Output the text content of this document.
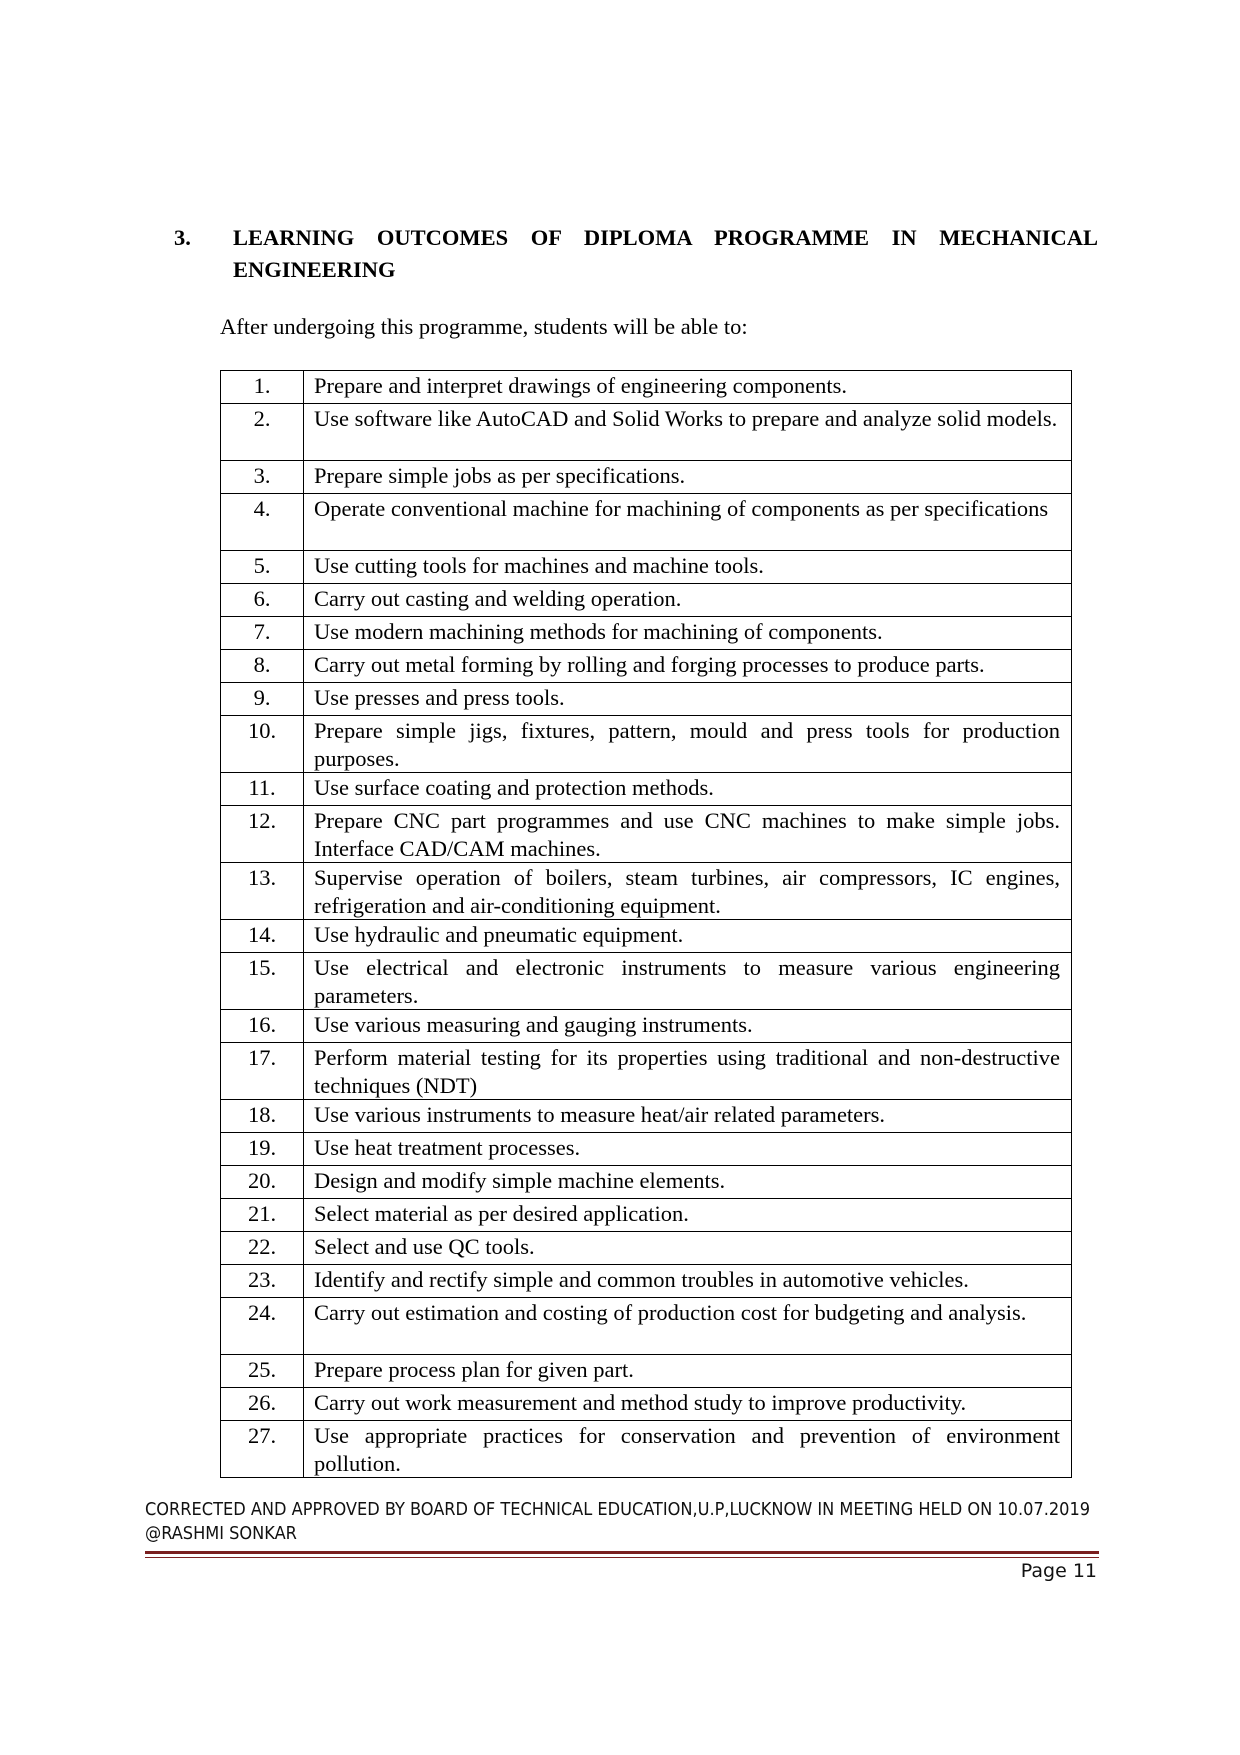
3. LEARNING OUTCOMES OF DIPLOMA PROGRAMME IN MECHANICAL ENGINEERING
After undergoing this programme, students will be able to:
1.	Prepare and interpret drawings of engineering components.
2.	Use software like AutoCAD and Solid Works to prepare and analyze solid models.
3.	Prepare simple jobs as per specifications.
4.	Operate conventional machine for machining of components as per specifications
5.	Use cutting tools for machines and machine tools.
6.	Carry out casting and welding operation.
7.	Use modern machining methods for machining of components.
8.	Carry out metal forming by rolling and forging processes to produce parts.
9.	Use presses and press tools.
10.	Prepare simple jigs, fixtures, pattern, mould and press tools for production purposes.
11.	Use surface coating and protection methods.
12.	Prepare CNC part programmes and use CNC machines to make simple jobs. Interface CAD/CAM machines.
13.	Supervise operation of boilers, steam turbines, air compressors, IC engines, refrigeration and air-conditioning equipment.
14.	Use hydraulic and pneumatic equipment.
15.	Use electrical and electronic instruments to measure various engineering parameters.
16.	Use various measuring and gauging instruments.
17.	Perform material testing for its properties using traditional and non-destructive techniques (NDT)
18.	Use various instruments to measure heat/air related parameters.
19.	Use heat treatment processes.
20.	Design and modify simple machine elements.
21.	Select material as per desired application.
22.	Select and use QC tools.
23.	Identify and rectify simple and common troubles in automotive vehicles.
24.	Carry out estimation and costing of production cost for budgeting and analysis.
25.	Prepare process plan for given part.
26.	Carry out work measurement and method study to improve productivity.
27.	Use appropriate practices for conservation and prevention of environment pollution.
CORRECTED AND APPROVED BY BOARD OF TECHNICAL EDUCATION,U.P,LUCKNOW IN MEETING HELD ON 10.07.2019 @RASHMI SONKAR
Page 11
